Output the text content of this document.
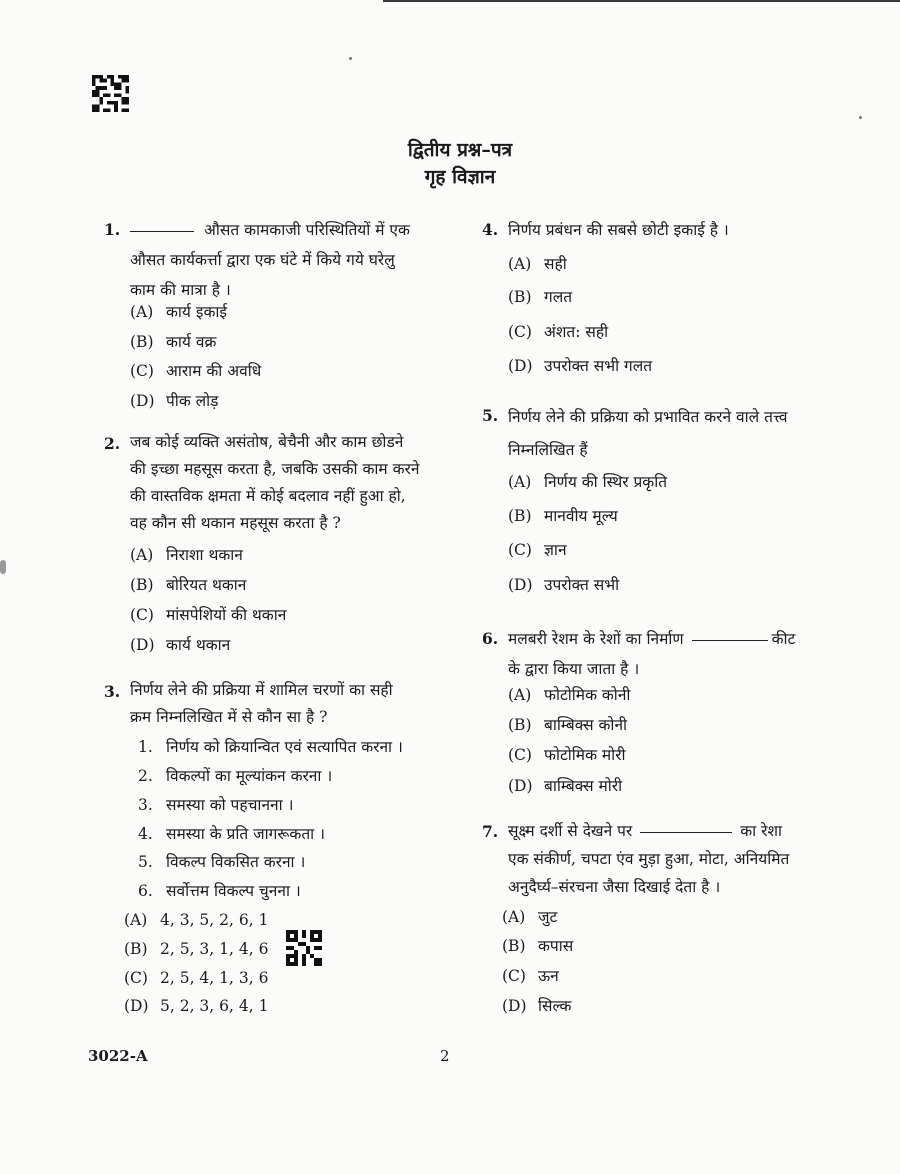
द्वितीय प्रश्न–पत्र
गृह विज्ञान
1.	औसत कामकाजी परिस्थितियों में एक
औसत कार्यकर्त्ता द्वारा एक घंटे में किये गये घरेलु
काम की मात्रा है ।
(A) कार्य इकाई
(B) कार्य वक्र
(C) आराम की अवधि
(D) पीक लोड़
2. जब कोई व्यक्ति असंतोष, बेचैनी और काम छोडने
की इच्छा महसूस करता है, जबकि उसकी काम करने
की वास्तविक क्षमता में कोई बदलाव नहीं हुआ हो,
वह कौन सी थकान महसूस करता है ?
(A) निराशा थकान
(B) बोरियत थकान
(C) मांसपेशियों की थकान
(D) कार्य थकान
3. निर्णय लेने की प्रक्रिया में शामिल चरणों का सही
क्रम निम्नलिखित में से कौन सा है ?
1. निर्णय को क्रियान्वित एवं सत्यापित करना ।
2. विकल्पों का मूल्यांकन करना ।
3. समस्या को पहचानना ।
4. समस्या के प्रति जागरूकता ।
5. विकल्प विकसित करना ।
6. सर्वोत्तम विकल्प चुनना ।
(A) 4, 3, 5, 2, 6, 1
(B) 2, 5, 3, 1, 4, 6
(C) 2, 5, 4, 1, 3, 6
(D) 5, 2, 3, 6, 4, 1
4. निर्णय प्रबंधन की सबसे छोटी इकाई है ।
(A) सही
(B) गलत
(C) अंशत: सही
(D) उपरोक्त सभी गलत
5. निर्णय लेने की प्रक्रिया को प्रभावित करने वाले तत्त्व
निम्नलिखित हैं
(A) निर्णय की स्थिर प्रकृति
(B) मानवीय मूल्य
(C) ज्ञान
(D) उपरोक्त सभी
6. मलबरी रेशम के रेशों का निर्माण	कीट
के द्वारा किया जाता है ।
(A) फोटोमिक कोनी
(B) बाम्बिक्स कोनी
(C) फोटोमिक मोरी
(D) बाम्बिक्स मोरी
7. सूक्ष्म दर्शी से देखने पर	का रेशा
एक संकीर्ण, चपटा एंव मुड़ा हुआ, मोटा, अनियमित
अनुदैर्घ्य–संरचना जैसा दिखाई देता है ।
(A) जुट
(B) कपास
(C) ऊन
(D) सिल्क
3022-A	2
